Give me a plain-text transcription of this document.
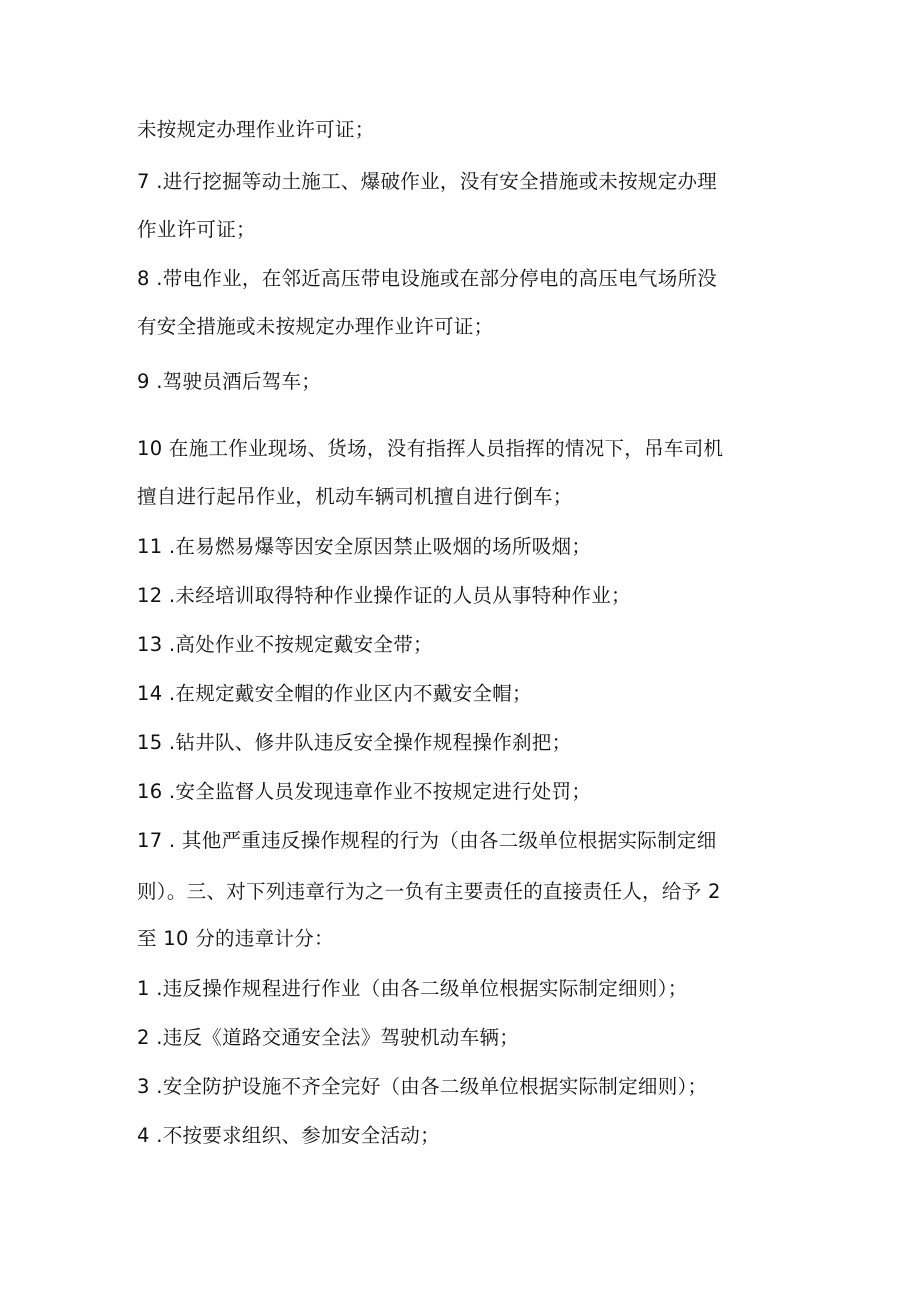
未按规定办理作业许可证；
7 .进行挖掘等动土施工、爆破作业，没有安全措施或未按规定办理
作业许可证；
8 .带电作业，在邻近高压带电设施或在部分停电的高压电气场所没
有安全措施或未按规定办理作业许可证；
9 .驾驶员酒后驾车；
10 在施工作业现场、货场，没有指挥人员指挥的情况下，吊车司机
擅自进行起吊作业，机动车辆司机擅自进行倒车；
11 .在易燃易爆等因安全原因禁止吸烟的场所吸烟；
12 .未经培训取得特种作业操作证的人员从事特种作业；
13 .高处作业不按规定戴安全带；
14 .在规定戴安全帽的作业区内不戴安全帽；
15 .钻井队、修井队违反安全操作规程操作刹把；
16 .安全监督人员发现违章作业不按规定进行处罚；
17 . 其他严重违反操作规程的行为（由各二级单位根据实际制定细
则）。三、对下列违章行为之一负有主要责任的直接责任人，给予 2
至 10 分的违章计分：
1 .违反操作规程进行作业（由各二级单位根据实际制定细则）；
2 .违反《道路交通安全法》驾驶机动车辆；
3 .安全防护设施不齐全完好（由各二级单位根据实际制定细则）；
4 .不按要求组织、参加安全活动；
